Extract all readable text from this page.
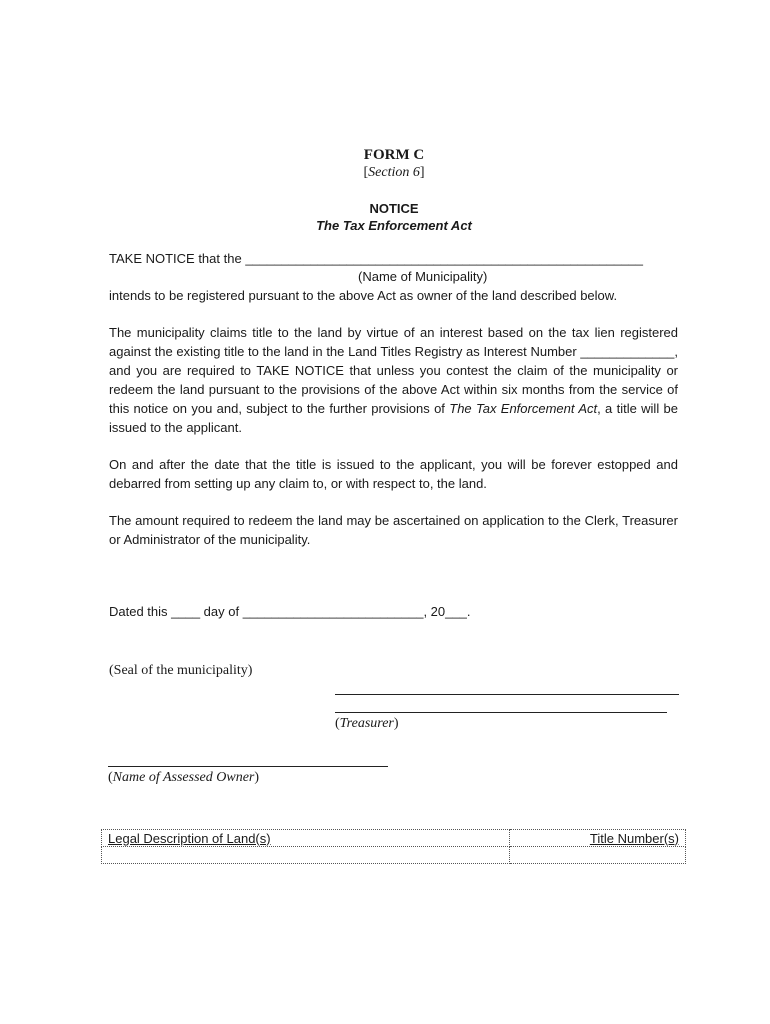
FORM C
[Section 6]
NOTICE
The Tax Enforcement Act
TAKE NOTICE that the _______________________________________________________
(Name of Municipality)
intends to be registered pursuant to the above Act as owner of the land described below.
The municipality claims title to the land by virtue of an interest based on the tax lien registered against the existing title to the land in the Land Titles Registry as Interest Number _____________, and you are required to TAKE NOTICE that unless you contest the claim of the municipality or redeem the land pursuant to the provisions of the above Act within six months from the service of this notice on you and, subject to the further provisions of The Tax Enforcement Act, a title will be issued to the applicant.
On and after the date that the title is issued to the applicant, you will be forever estopped and debarred from setting up any claim to, or with respect to, the land.
The amount required to redeem the land may be ascertained on application to the Clerk, Treasurer or Administrator of the municipality.
Dated this ____ day of _________________________, 20___.
(Seal of the municipality)
(Treasurer)
(Name of Assessed Owner)
Legal Description of Land(s)	Title Number(s)
